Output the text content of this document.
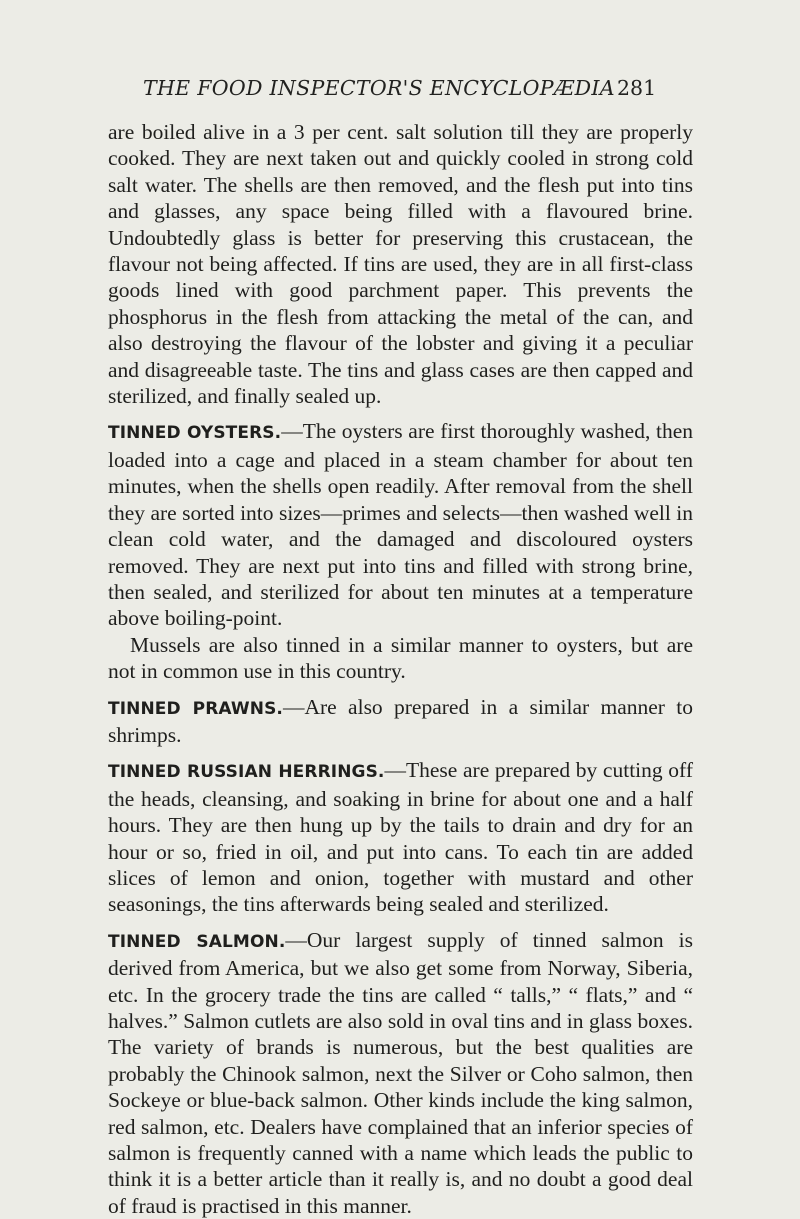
THE FOOD INSPECTOR'S ENCYCLOPÆDIA 281

are boiled alive in a 3 per cent. salt solution till they are properly cooked. They are next taken out and quickly cooled in strong cold salt water. The shells are then removed, and the flesh put into tins and glasses, any space being filled with a flavoured brine. Undoubtedly glass is better for preserving this crustacean, the flavour not being affected. If tins are used, they are in all first-class goods lined with good parchment paper. This prevents the phosphorus in the flesh from attacking the metal of the can, and also destroying the flavour of the lobster and giving it a peculiar and disagreeable taste. The tins and glass cases are then capped and sterilized, and finally sealed up.

TINNED OYSTERS.—The oysters are first thoroughly washed, then loaded into a cage and placed in a steam chamber for about ten minutes, when the shells open readily. After removal from the shell they are sorted into sizes—primes and selects—then washed well in clean cold water, and the damaged and discoloured oysters removed. They are next put into tins and filled with strong brine, then sealed, and sterilized for about ten minutes at a temperature above boiling-point.

Mussels are also tinned in a similar manner to oysters, but are not in common use in this country.

TINNED PRAWNS.—Are also prepared in a similar manner to shrimps.

TINNED RUSSIAN HERRINGS.—These are prepared by cutting off the heads, cleansing, and soaking in brine for about one and a half hours. They are then hung up by the tails to drain and dry for an hour or so, fried in oil, and put into cans. To each tin are added slices of lemon and onion, together with mustard and other seasonings, the tins afterwards being sealed and sterilized.

TINNED SALMON.—Our largest supply of tinned salmon is derived from America, but we also get some from Norway, Siberia, etc. In the grocery trade the tins are called “ talls,” “ flats,” and “ halves.” Salmon cutlets are also sold in oval tins and in glass boxes. The variety of brands is numerous, but the best qualities are probably the Chinook salmon, next the Silver or Coho salmon, then Sockeye or blue-back salmon. Other kinds include the king salmon, red salmon, etc. Dealers have complained that an inferior species of salmon is frequently canned with a name which leads the public to think it is a better article than it really is, and no doubt a good deal of fraud is practised in this manner.
